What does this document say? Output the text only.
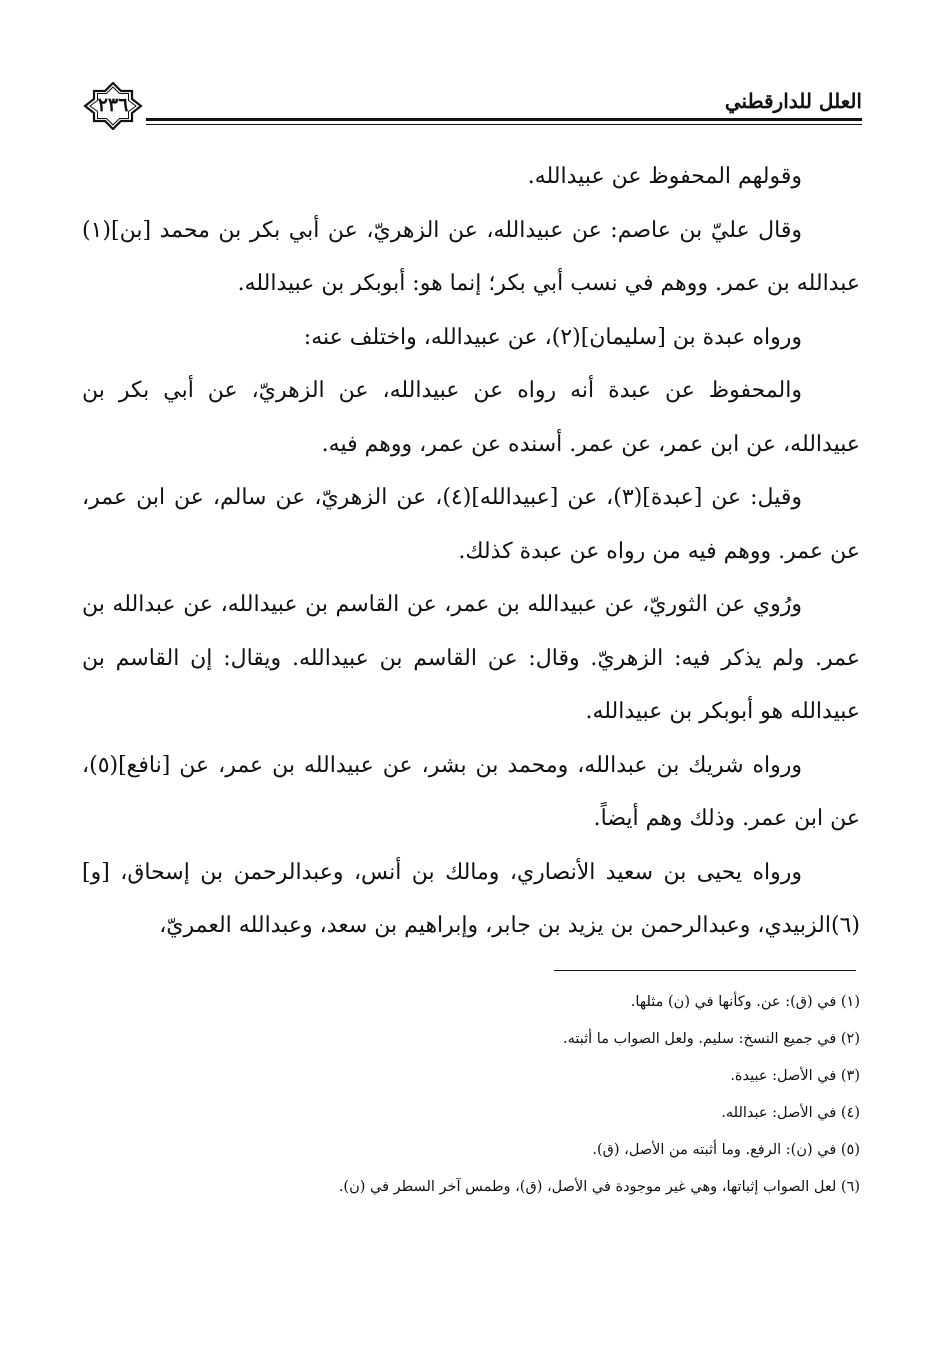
٢٣٦	العلل للدارقطني

وقولهم المحفوظ عن عبيدالله.

وقال عليّ بن عاصم: عن عبيدالله، عن الزهريّ، عن أبي بكر بن محمد [بن](١) عبدالله بن عمر. ووهم في نسب أبي بكر؛ إنما هو: أبوبكر بن عبيدالله.

ورواه عبدة بن [سليمان](٢)، عن عبيدالله، واختلف عنه:

والمحفوظ عن عبدة أنه رواه عن عبيدالله، عن الزهريّ، عن أبي بكر بن عبيدالله، عن ابن عمر، عن عمر. أسنده عن عمر، ووهم فيه.

وقيل: عن [عبدة](٣)، عن [عبيدالله](٤)، عن الزهريّ، عن سالم، عن ابن عمر، عن عمر. ووهم فيه من رواه عن عبدة كذلك.

ورُوي عن الثوريّ، عن عبيدالله بن عمر، عن القاسم بن عبيدالله، عن عبدالله بن عمر. ولم يذكر فيه: الزهريّ. وقال: عن القاسم بن عبيدالله. ويقال: إن القاسم بن عبيدالله هو أبوبكر بن عبيدالله.

ورواه شريك بن عبدالله، ومحمد بن بشر، عن عبيدالله بن عمر، عن [نافع](٥)، عن ابن عمر. وذلك وهم أيضاً.

ورواه يحيى بن سعيد الأنصاري، ومالك بن أنس، وعبدالرحمن بن إسحاق، [و](٦)الزبيدي، وعبدالرحمن بن يزيد بن جابر، وإبراهيم بن سعد، وعبدالله العمريّ،

(١) في (ق): عن. وكأنها في (ن) مثلها.

(٢) في جميع النسخ: سليم. ولعل الصواب ما أثبته.

(٣) في الأصل: عبيدة.

(٤) في الأصل: عبدالله.

(٥) في (ن): الرفع. وما أثبته من الأصل، (ق).

(٦) لعل الصواب إثباتها، وهي غير موجودة في الأصل، (ق)، وطمس آخر السطر في (ن).
